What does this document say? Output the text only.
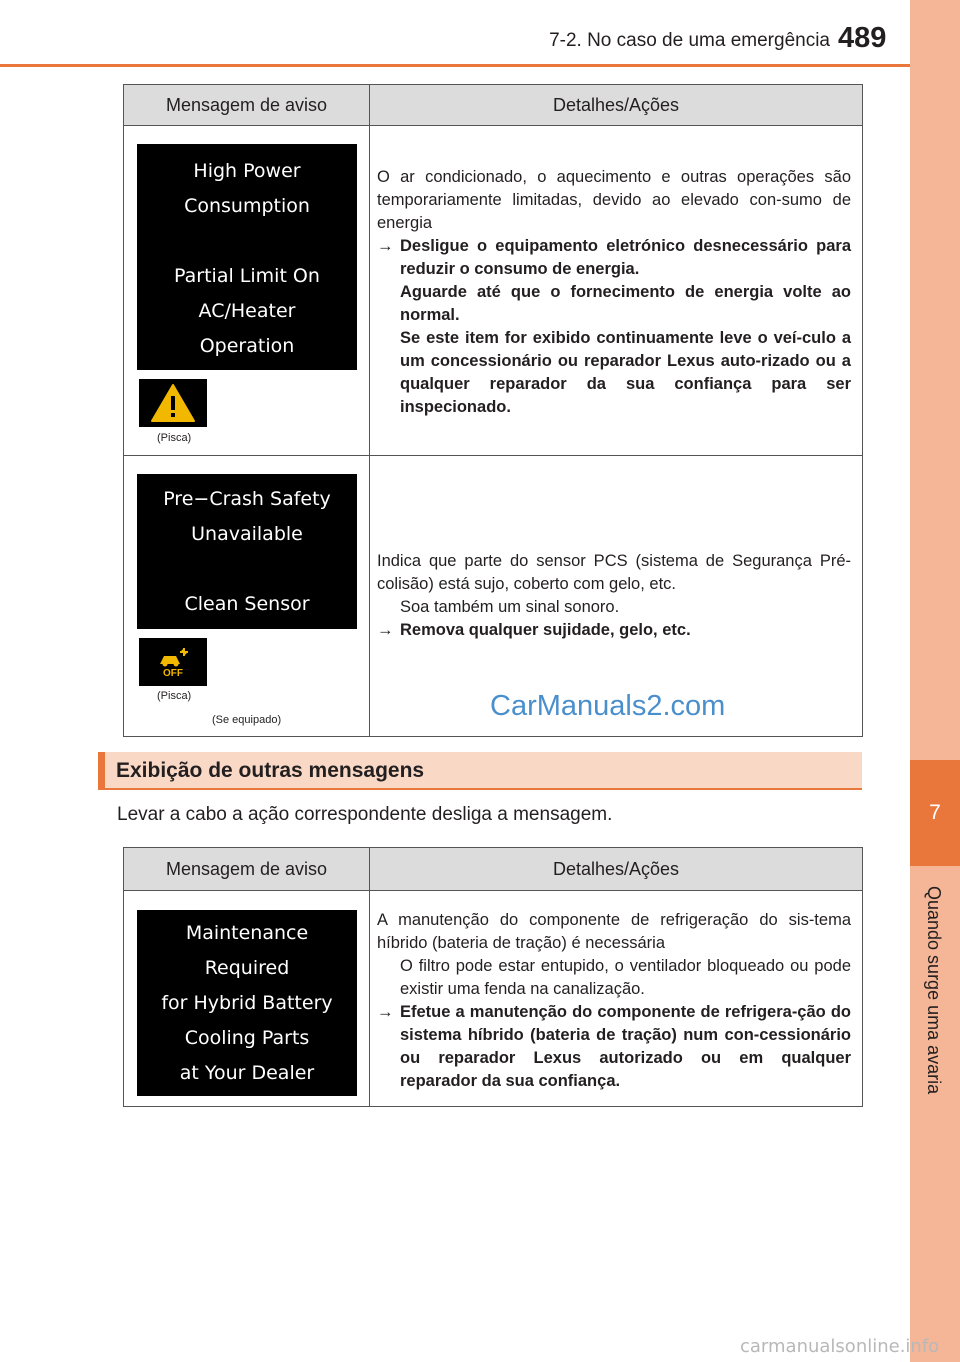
7-2. No caso de uma emergência 489
7
Quando surge uma avaria
Mensagem de aviso	Detalhes/Ações
High Power
Consumption
Partial Limit On
AC/Heater
Operation
(Pisca)

O ar condicionado, o aquecimento e outras operações são temporariamente limitadas, devido ao elevado con-sumo de energia

→ Desligue o equipamento eletrónico desnecessário para reduzir o consumo de energia.

Aguarde até que o fornecimento de energia volte ao normal.

Se este item for exibido continuamente leve o veí-culo a um concessionário ou reparador Lexus auto-rizado ou a qualquer reparador da sua confiança para ser inspecionado.

Pre−Crash Safety
Unavailable
Clean Sensor
OFF
(Pisca)
(Se equipado)

Indica que parte do sensor PCS (sistema de Segurança Pré-colisão) está sujo, coberto com gelo, etc.

Soa também um sinal sonoro.

→ Remova qualquer sujidade, gelo, etc.

CarManuals2.com
Exibição de outras mensagens
Levar a cabo a ação correspondente desliga a mensagem.
Mensagem de aviso	Detalhes/Ações
Maintenance
Required
for Hybrid Battery
Cooling Parts
at Your Dealer

A manutenção do componente de refrigeração do sis-tema híbrido (bateria de tração) é necessária

O filtro pode estar entupido, o ventilador bloqueado ou pode existir uma fenda na canalização.

→ Efetue a manutenção do componente de refrigera-ção do sistema híbrido (bateria de tração) num con-cessionário ou reparador Lexus autorizado ou em qualquer reparador da sua confiança.

carmanualsonline.info
